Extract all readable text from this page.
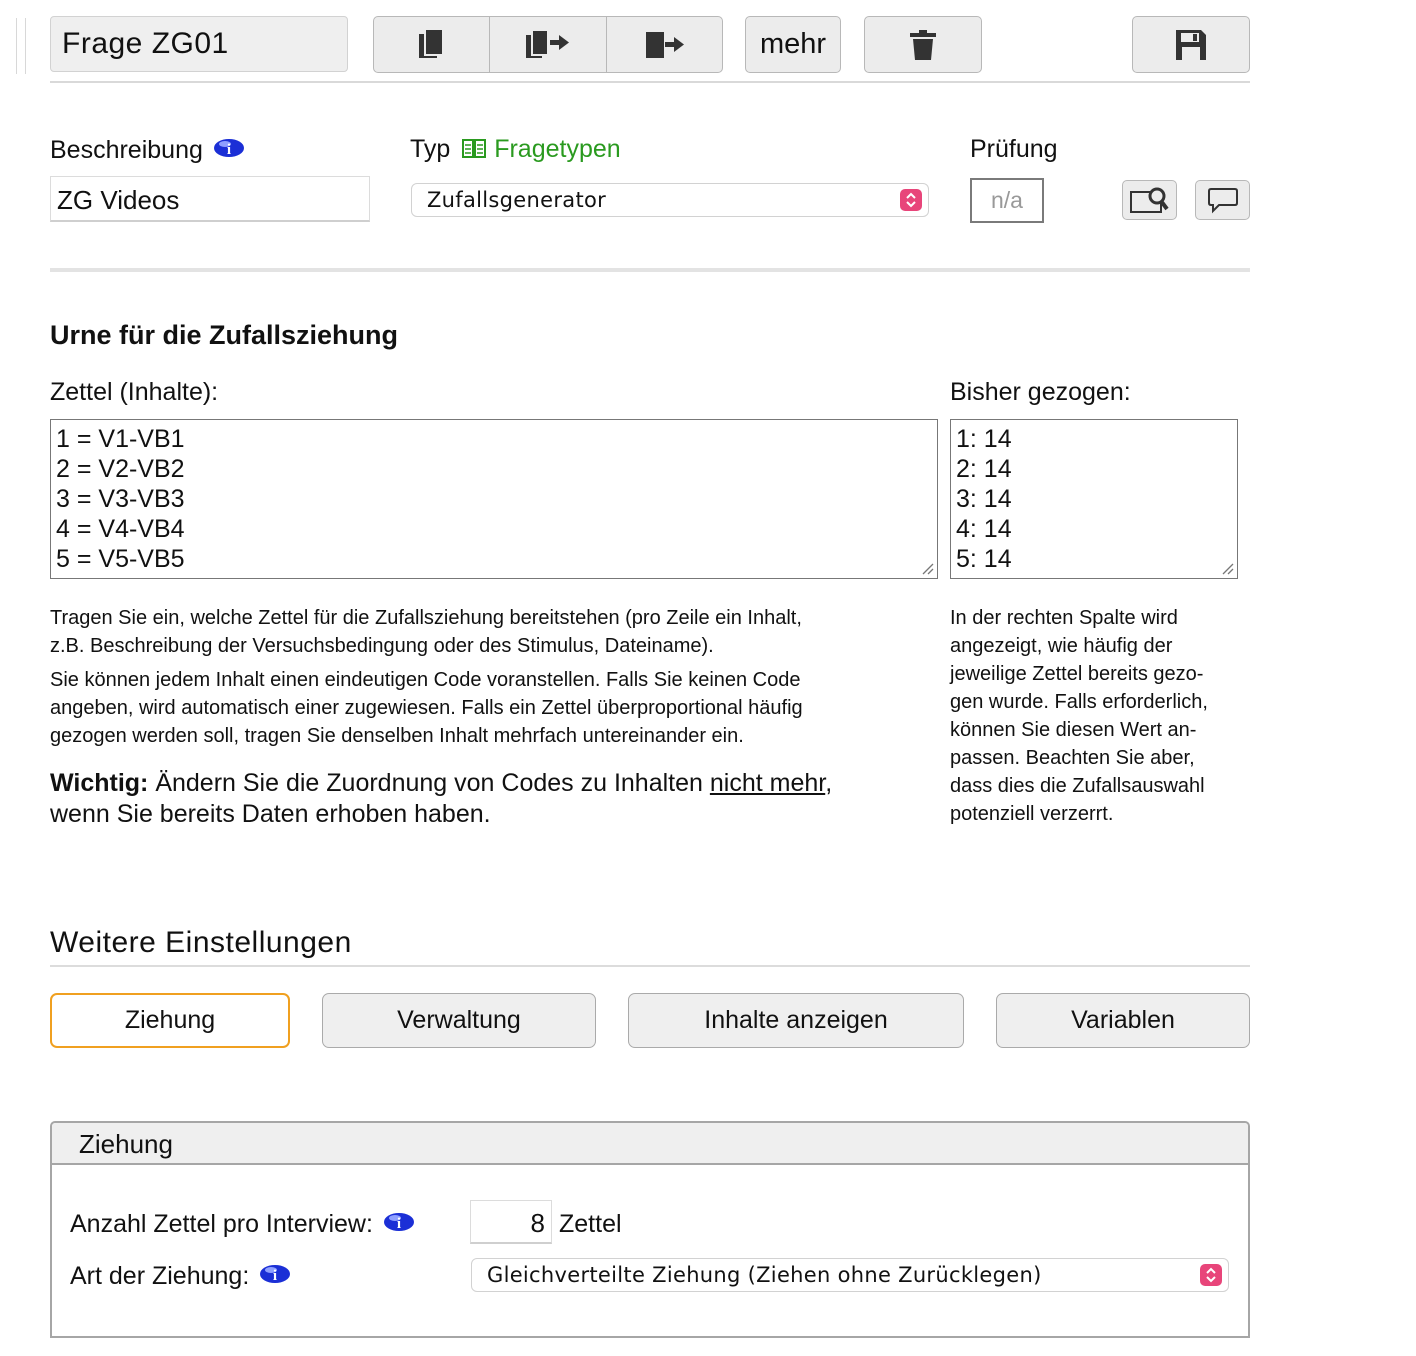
Frage ZG01	mehr
Beschreibung i
ZG Videos
Typ Fragetypen
Zufallsgenerator
Prüfung
n/a
Urne für die Zufallsziehung
Zettel (Inhalte):
1 = V1-VB1
2 = V2-VB2
3 = V3-VB3
4 = V4-VB4
5 = V5-VB5
Bisher gezogen:
1: 14
2: 14
3: 14
4: 14
5: 14
Tragen Sie ein, welche Zettel für die Zufallsziehung bereitstehen (pro Zeile ein Inhalt,
z.B. Beschreibung der Versuchsbedingung oder des Stimulus, Dateiname).
Sie können jedem Inhalt einen eindeutigen Code voranstellen. Falls Sie keinen Code
angeben, wird automatisch einer zugewiesen. Falls ein Zettel überproportional häufig
gezogen werden soll, tragen Sie denselben Inhalt mehrfach untereinander ein.
Wichtig: Ändern Sie die Zuordnung von Codes zu Inhalten nicht mehr,
wenn Sie bereits Daten erhoben haben.
In der rechten Spalte wird
angezeigt, wie häufig der
jeweilige Zettel bereits gezo-
gen wurde. Falls erforderlich,
können Sie diesen Wert an-
passen. Beachten Sie aber,
dass dies die Zufallsauswahl
potenziell verzerrt.
Weitere Einstellungen
Ziehung	Verwaltung	Inhalte anzeigen	Variablen
Ziehung
Anzahl Zettel pro Interview: i	8 Zettel
Art der Ziehung: i	Gleichverteilte Ziehung (Ziehen ohne Zurücklegen)
